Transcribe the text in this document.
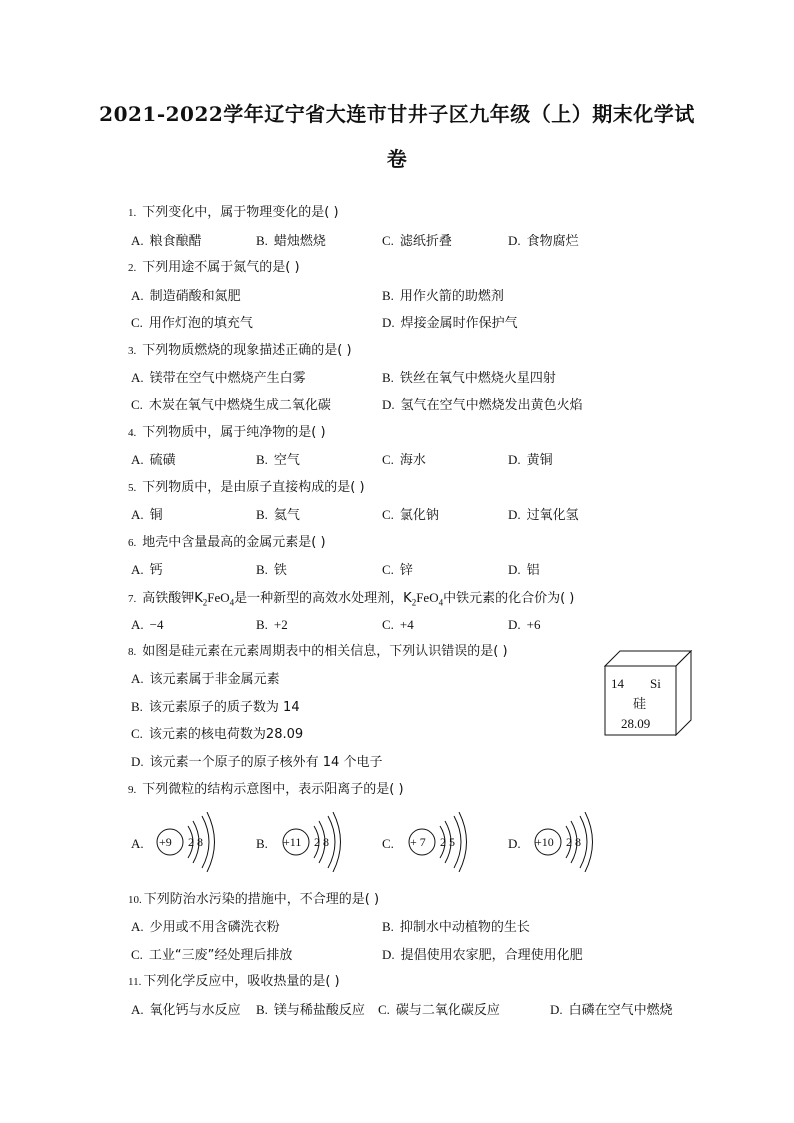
2021-2022学年辽宁省大连市甘井子区九年级（上）期末化学试
卷
1. 下列变化中，属于物理变化的是( )
A. 粮食酿醋	B. 蜡烛燃烧	C. 滤纸折叠	D. 食物腐烂
2. 下列用途不属于氮气的是( )
A. 制造硝酸和氮肥	B. 用作火箭的助燃剂
C. 用作灯泡的填充气	D. 焊接金属时作保护气
3. 下列物质燃烧的现象描述正确的是( )
A. 镁带在空气中燃烧产生白雾	B. 铁丝在氧气中燃烧火星四射
C. 木炭在氧气中燃烧生成二氧化碳	D. 氢气在空气中燃烧发出黄色火焰
4. 下列物质中，属于纯净物的是( )
A. 硫磺	B. 空气	C. 海水	D. 黄铜
5. 下列物质中，是由原子直接构成的是( )
A. 铜	B. 氦气	C. 氯化钠	D. 过氧化氢
6. 地壳中含量最高的金属元素是( )
A. 钙	B. 铁	C. 锌	D. 铝
7. 高铁酸钾$K_2FeO_4$是一种新型的高效水处理剂，$K_2FeO_4$中铁元素的化合价为( )
A. −4	B. +2	C. +4	D. +6
8. 如图是硅元素在元素周期表中的相关信息，下列认识错误的是( )
A. 该元素属于非金属元素
B. 该元素原子的质子数为 14
C. 该元素的核电荷数为28.09
D. 该元素一个原子的原子核外有 14 个电子
14 Si
硅
28.09
9. 下列微粒的结构示意图中，表示阳离子的是( )
A. +9 2 8	B. +11 2 8	C. + 7 2 5	D. +10 2 8
10. 下列防治水污染的措施中，不合理的是( )
A. 少用或不用含磷洗衣粉	B. 抑制水中动植物的生长
C. 工业“三废”经处理后排放	D. 提倡使用农家肥，合理使用化肥
11. 下列化学反应中，吸收热量的是( )
A. 氧化钙与水反应 B. 镁与稀盐酸反应 C. 碳与二氧化碳反应	D. 白磷在空气中燃烧
